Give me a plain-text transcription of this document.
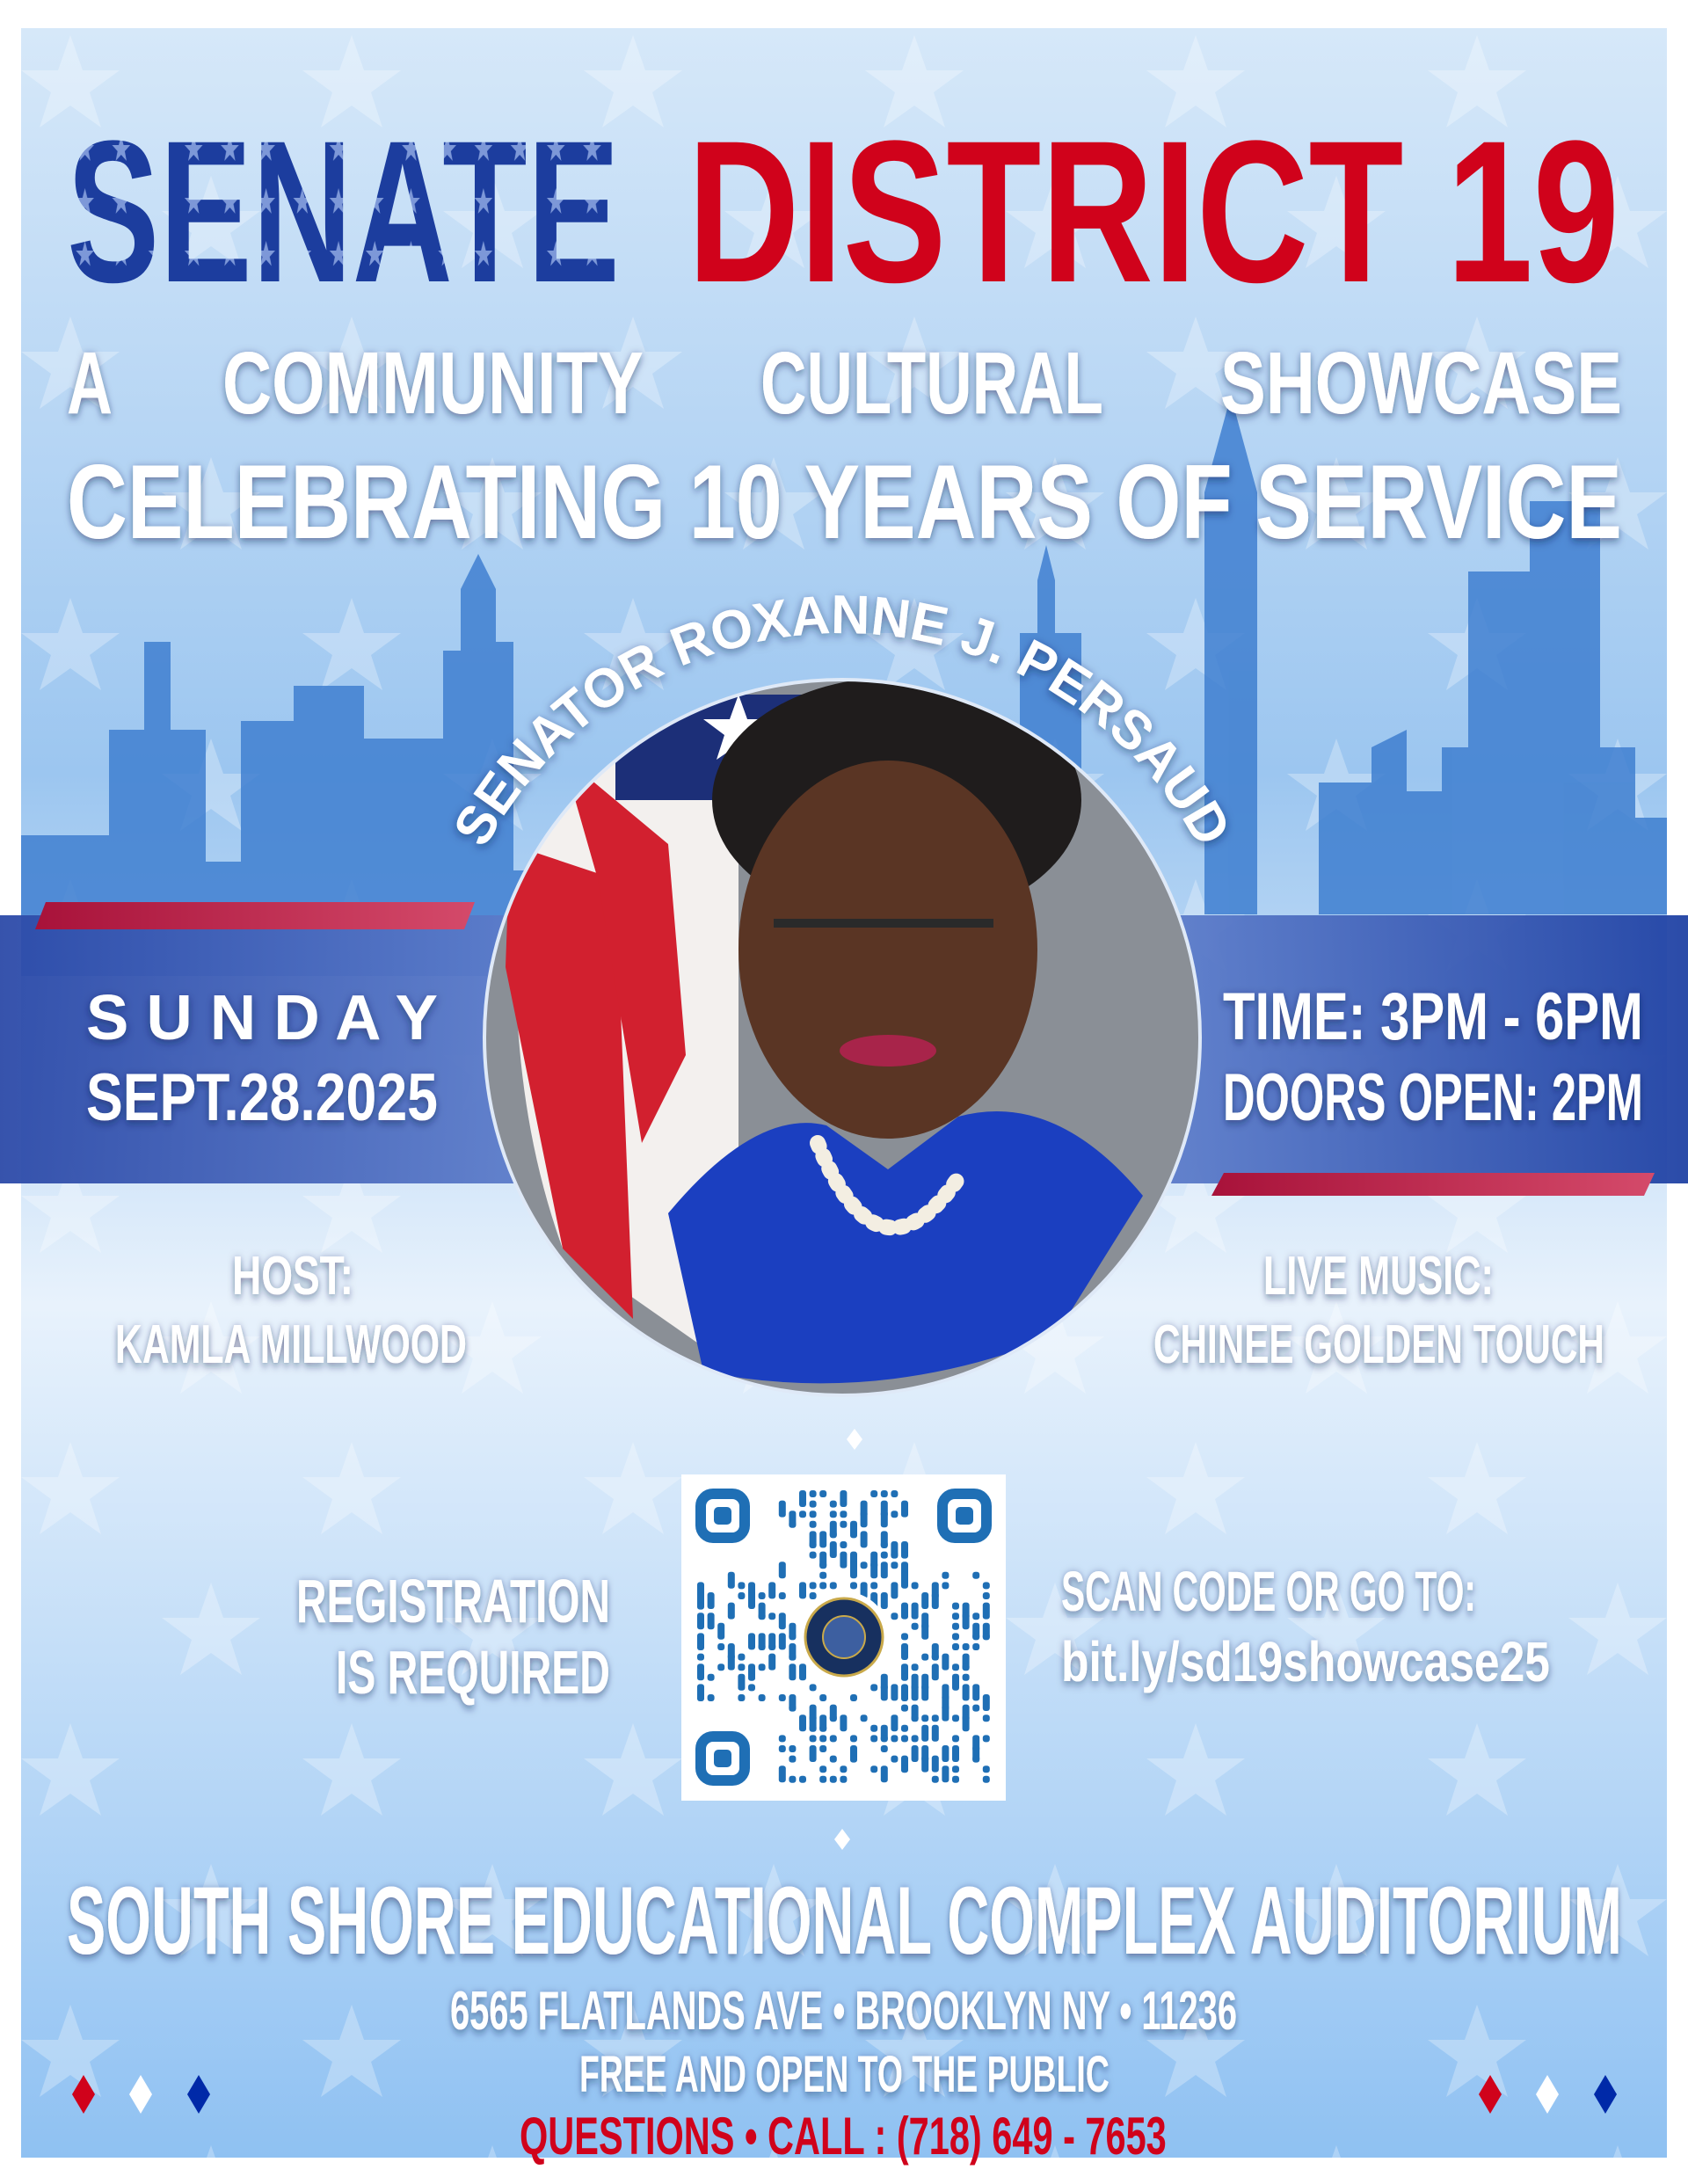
SENATE DISTRICT 19
A COMMUNITY CULTURAL SHOWCASE
CELEBRATING 10 YEARS OF SERVICE
SENATOR ROXANNE J. PERSAUD
S U N D A Y
SEPT.28.2025
TIME: 3PM - 6PM
DOORS OPEN: 2PM
HOST:
KAMLA MILLWOOD
LIVE MUSIC:
CHINEE GOLDEN TOUCH
REGISTRATION
IS REQUIRED
SCAN CODE OR GO TO:
bit.ly/sd19showcase25
SOUTH SHORE EDUCATIONAL COMPLEX AUDITORIUM
6565 FLATLANDS AVE • BROOKLYN NY • 11236
FREE AND OPEN TO THE PUBLIC
QUESTIONS • CALL : (718) 649 - 7653
